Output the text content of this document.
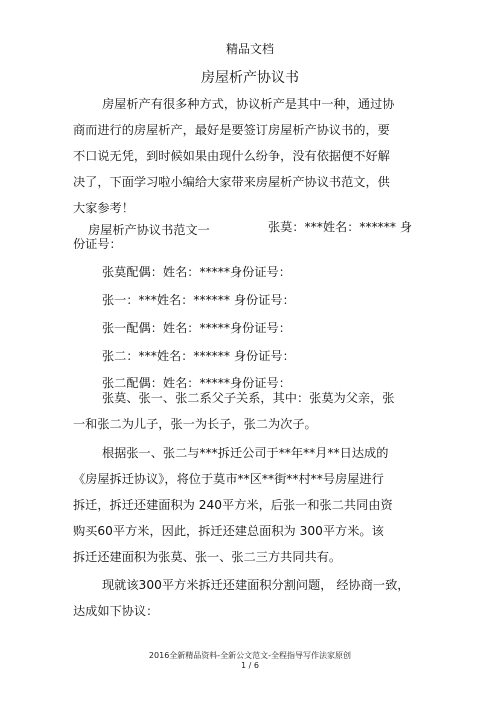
精品文档
房屋析产协议书
房屋析产有很多种方式，协议析产是其中一种，通过协
商而进行的房屋析产，最好是要签订房屋析产协议书的，要
不口说无凭，到时候如果由现什么纷争，没有依据便不好解
决了，下面学习啦小编给大家带来房屋析产协议书范文，供
大家参考！
房屋析产协议书范文一	张莫：***姓名：****** 身
份证号：
张莫配偶：姓名：*****身份证号：
张一：***姓名：****** 身份证号：
张一配偶：姓名：*****身份证号：
张二：***姓名：****** 身份证号：
张二配偶：姓名：*****身份证号：
张莫、张一、张二系父子关系，其中：张莫为父亲，张
一和张二为儿子，张一为长子，张二为次子。
根据张一、张二与***拆迁公司于**年**月**日达成的
《房屋拆迁协议》，将位于莫市**区**街**村**号房屋进行
拆迁，拆迁还建面积为 240平方米，后张一和张二共同由资
购买60平方米，因此，拆迁还建总面积为 300平方米。该
拆迁还建面积为张莫、张一、张二三方共同共有。
现就该300平方米拆迁还建面积分割问题， 经协商一致，
达成如下协议：
2016全新精品资料-全新公文范文-全程指导写作法家原创
1 / 6
